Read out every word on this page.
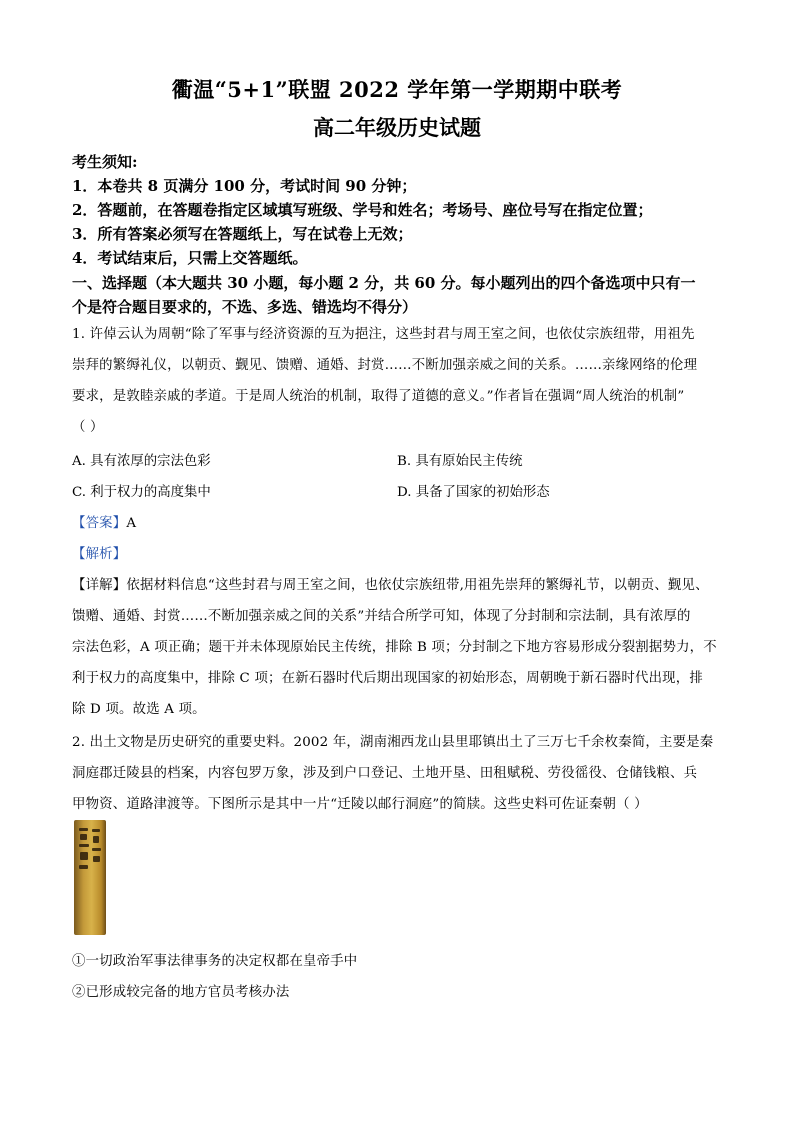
衢温“5+1”联盟 2022 学年第一学期期中联考
高二年级历史试题
考生须知:
1．本卷共 8 页满分 100 分，考试时间 90 分钟；
2．答题前，在答题卷指定区域填写班级、学号和姓名；考场号、座位号写在指定位置；
3．所有答案必须写在答题纸上，写在试卷上无效；
4．考试结束后，只需上交答题纸。
一、选择题（本大题共 30 小题，每小题 2 分，共 60 分。每小题列出的四个备选项中只有一
个是符合题目要求的，不选、多选、错选均不得分）
1. 许倬云认为周朝“除了军事与经济资源的互为挹注，这些封君与周王室之间，也依仗宗族纽带，用祖先
崇拜的繁缛礼仪，以朝贡、觐见、馈赠、通婚、封赏……不断加强亲威之间的关系。……亲缘网络的伦理
要求，是敦睦亲戚的孝道。于是周人统治的机制，取得了道德的意义。”作者旨在强调“周人统治的机制”
（ ）
A. 具有浓厚的宗法色彩	B. 具有原始民主传统
C. 利于权力的高度集中	D. 具备了国家的初始形态
【答案】A
【解析】
【详解】依据材料信息“这些封君与周王室之间，也依仗宗族纽带,用祖先崇拜的繁缛礼节，以朝贡、觐见、
馈赠、通婚、封赏……不断加强亲威之间的关系”并结合所学可知，体现了分封制和宗法制，具有浓厚的
宗法色彩，A 项正确；题干并未体现原始民主传统，排除 B 项；分封制之下地方容易形成分裂割据势力，不
利于权力的高度集中，排除 C 项；在新石器时代后期出现国家的初始形态，周朝晚于新石器时代出现，排
除 D 项。故选 A 项。
2. 出土文物是历史研究的重要史料。2002 年，湖南湘西龙山县里耶镇出土了三万七千余枚秦简，主要是秦
洞庭郡迁陵县的档案，内容包罗万象，涉及到户口登记、土地开垦、田租赋税、劳役徭役、仓储钱粮、兵
甲物资、道路津渡等。下图所示是其中一片“迁陵以邮行洞庭”的简牍。这些史料可佐证秦朝（ ）
①一切政治军事法律事务的决定权都在皇帝手中
②已形成较完备的地方官员考核办法
